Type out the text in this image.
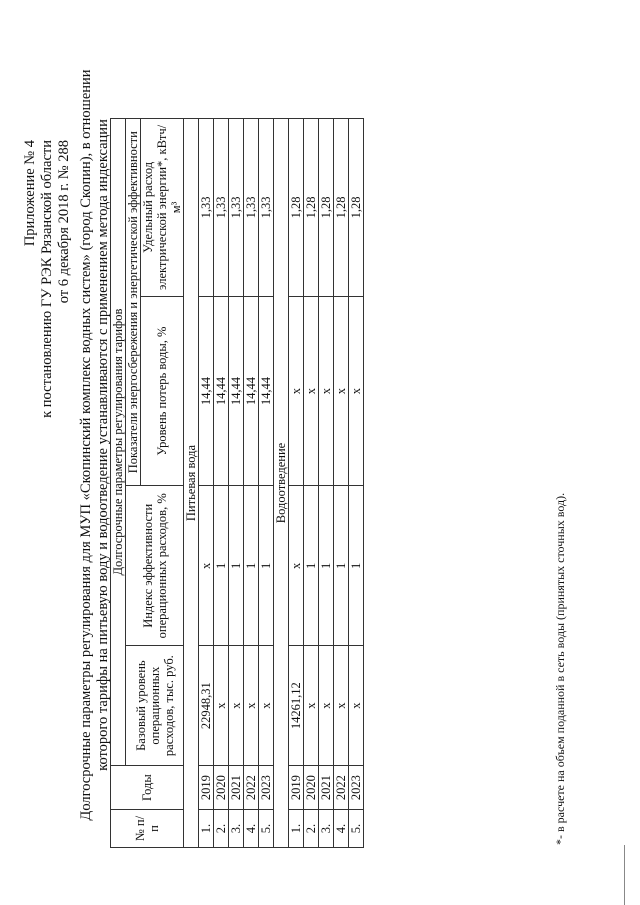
Приложение № 4 к постановлению ГУ РЭК Рязанской области от 6 декабря 2018 г. № 288 Долгосрочные параметры регулирования для МУП «Скопинский комплекс водных систем» (город Скопин), в отношении которого тарифы на питьевую воду и водоотведение устанавливаются с применением метода индексации
№ п/п	Годы	Долгосрочные параметры регулирования тарифов			
		Базовый уровень операционных расходов, тыс. руб.	Индекс эффективности операционных расходов, %	Показатели энергосбережения и энергетической эффективности	
				Уровень потерь воды, %	Удельный расход электрической энергии*, кВтч/м³
Питьевая вода					
1.	2019	22948,31	x	14,44	1,33
2.	2020	x	1	14,44	1,33
3.	2021	x	1	14,44	1,33
4.	2022	x	1	14,44	1,33
5.	2023	x	1	14,44	1,33
Водоотведение					
1.	2019	14261,12	x	x	1,28
2.	2020	x	1	x	1,28
3.	2021	x	1	x	1,28
4.	2022	x	1	x	1,28
5.	2023	x	1	x	1,28
*- в расчете на объем поданной в сеть воды (принятых сточных вод).
